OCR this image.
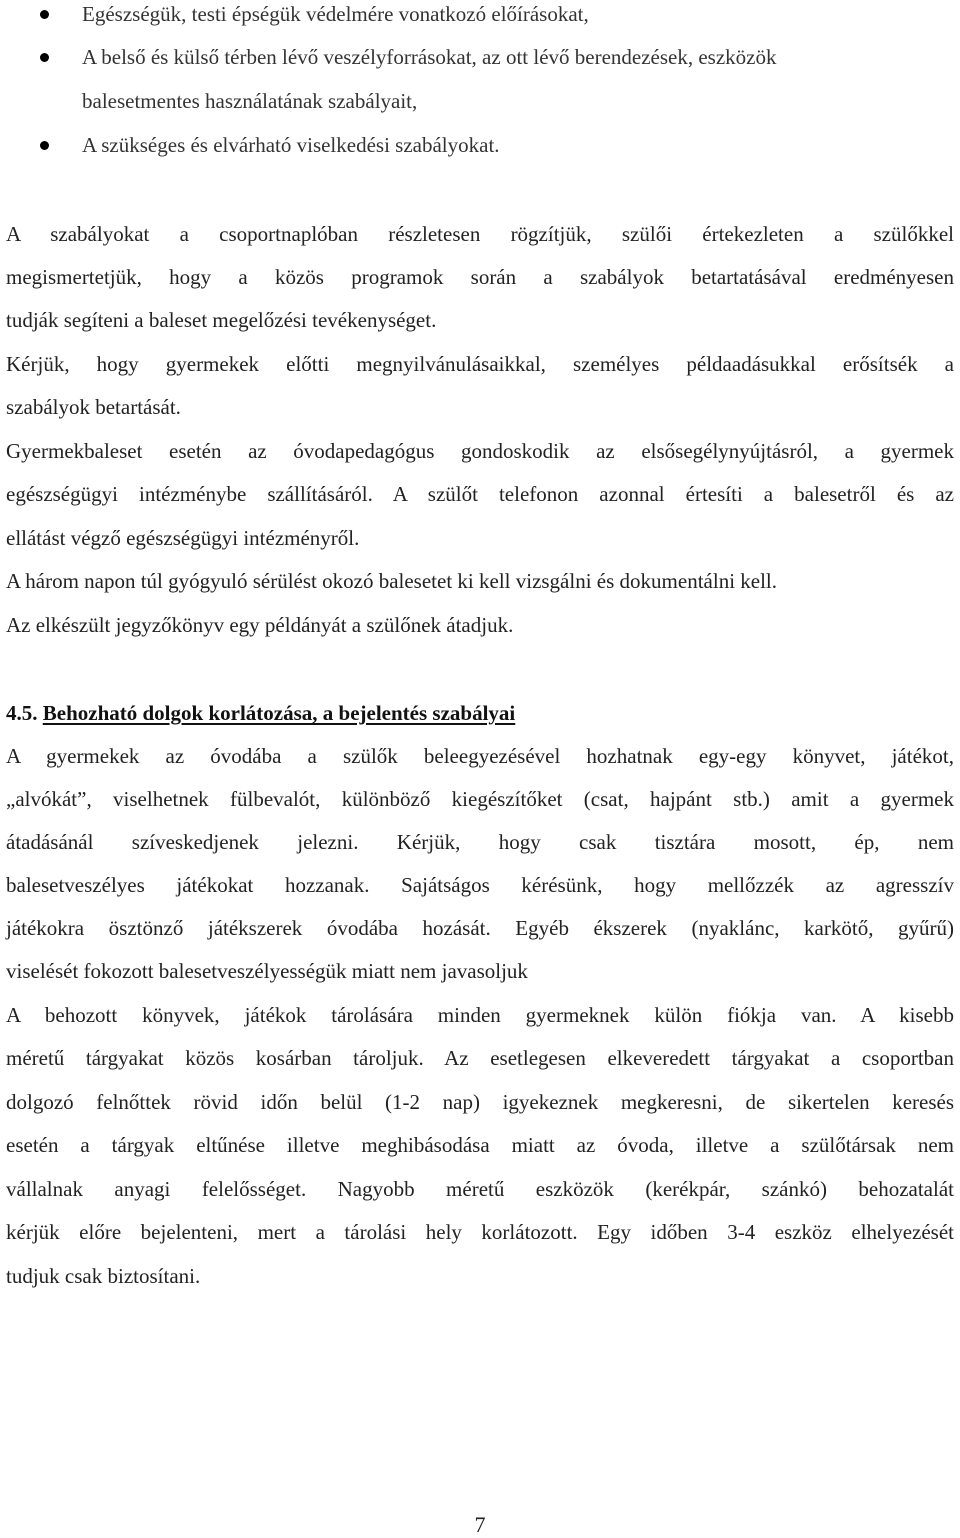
Egészségük, testi épségük védelmére vonatkozó előírásokat,
A belső és külső térben lévő veszélyforrásokat, az ott lévő berendezések, eszközök
balesetmentes használatának szabályait,
A szükséges és elvárható viselkedési szabályokat.
A szabályokat a csoportnaplóban részletesen rögzítjük, szülői értekezleten a szülőkkel
megismertetjük, hogy a közös programok során a szabályok betartatásával eredményesen
tudják segíteni a baleset megelőzési tevékenységet.
Kérjük, hogy gyermekek előtti megnyilvánulásaikkal, személyes példaadásukkal erősítsék a
szabályok betartását.
Gyermekbaleset esetén az óvodapedagógus gondoskodik az elsősegélynyújtásról, a gyermek
egészségügyi intézménybe szállításáról. A szülőt telefonon azonnal értesíti a balesetről és az
ellátást végző egészségügyi intézményről.
A három napon túl gyógyuló sérülést okozó balesetet ki kell vizsgálni és dokumentálni kell.
Az elkészült jegyzőkönyv egy példányát a szülőnek átadjuk.
4.5. Behozható dolgok korlátozása, a bejelentés szabályai
A gyermekek az óvodába a szülők beleegyezésével hozhatnak egy-egy könyvet, játékot,
„alvókát”, viselhetnek fülbevalót, különböző kiegészítőket (csat, hajpánt stb.) amit a gyermek
átadásánál szíveskedjenek jelezni. Kérjük, hogy csak tisztára mosott, ép, nem
balesetveszélyes játékokat hozzanak. Sajátságos kérésünk, hogy mellőzzék az agresszív
játékokra ösztönző játékszerek óvodába hozását. Egyéb ékszerek (nyaklánc, karkötő, gyűrű)
viselését fokozott balesetveszélyességük miatt nem javasoljuk
A behozott könyvek, játékok tárolására minden gyermeknek külön fiókja van. A kisebb
méretű tárgyakat közös kosárban tároljuk. Az esetlegesen elkeveredett tárgyakat a csoportban
dolgozó felnőttek rövid időn belül (1-2 nap) igyekeznek megkeresni, de sikertelen keresés
esetén a tárgyak eltűnése illetve meghibásodása miatt az óvoda, illetve a szülőtársak nem
vállalnak anyagi felelősséget. Nagyobb méretű eszközök (kerékpár, szánkó) behozatalát
kérjük előre bejelenteni, mert a tárolási hely korlátozott. Egy időben 3-4 eszköz elhelyezését
tudjuk csak biztosítani.
7
